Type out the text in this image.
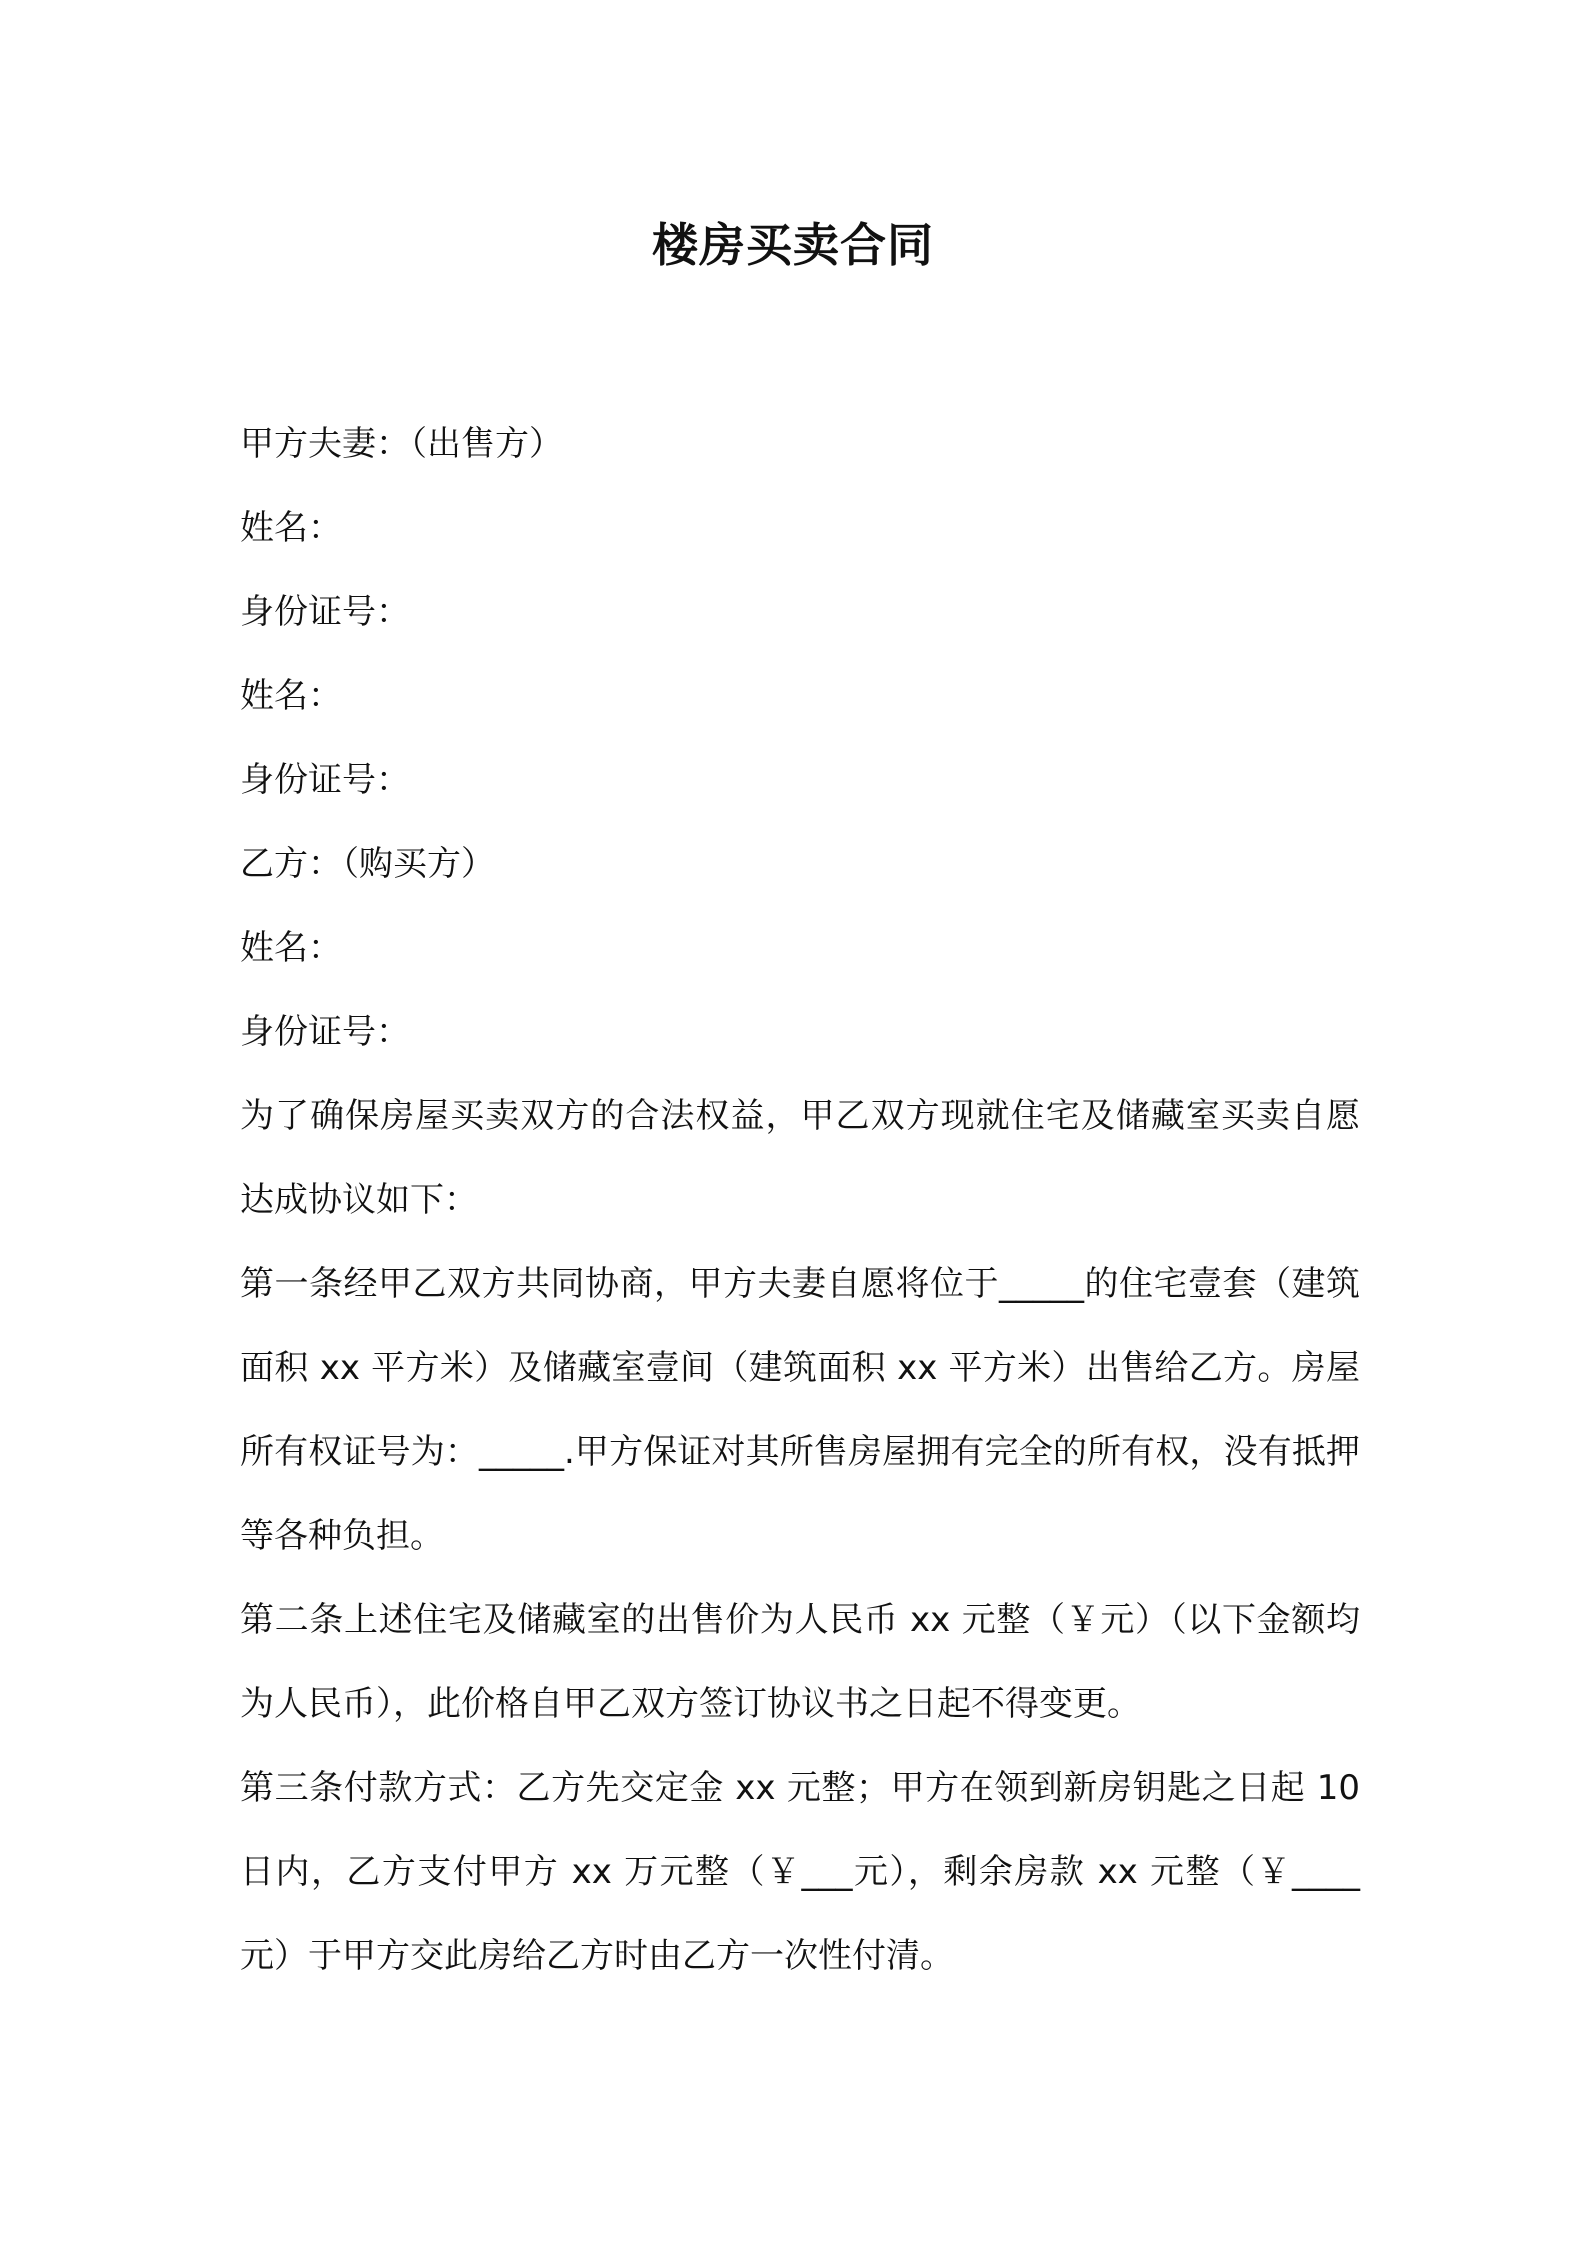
楼房买卖合同
甲方夫妻：（出售方）
姓名：
身份证号：
姓名：
身份证号：
乙方：（购买方）
姓名：
身份证号：

为了确保房屋买卖双方的合法权益，甲乙双方现就住宅及储藏室买卖自愿达成协议如下：

第一条经甲乙双方共同协商，甲方夫妻自愿将位于_____的住宅壹套（建筑面积 xx 平方米）及储藏室壹间（建筑面积 xx 平方米）出售给乙方。房屋所有权证号为：_____.甲方保证对其所售房屋拥有完全的所有权，没有抵押等各种负担。

第二条上述住宅及储藏室的出售价为人民币 xx 元整（￥元）（以下金额均为人民币），此价格自甲乙双方签订协议书之日起不得变更。

第三条付款方式：乙方先交定金 xx 元整；甲方在领到新房钥匙之日起 10 日内，乙方支付甲方 xx 万元整（￥___元），剩余房款 xx 元整（￥____元）于甲方交此房给乙方时由乙方一次性付清。
